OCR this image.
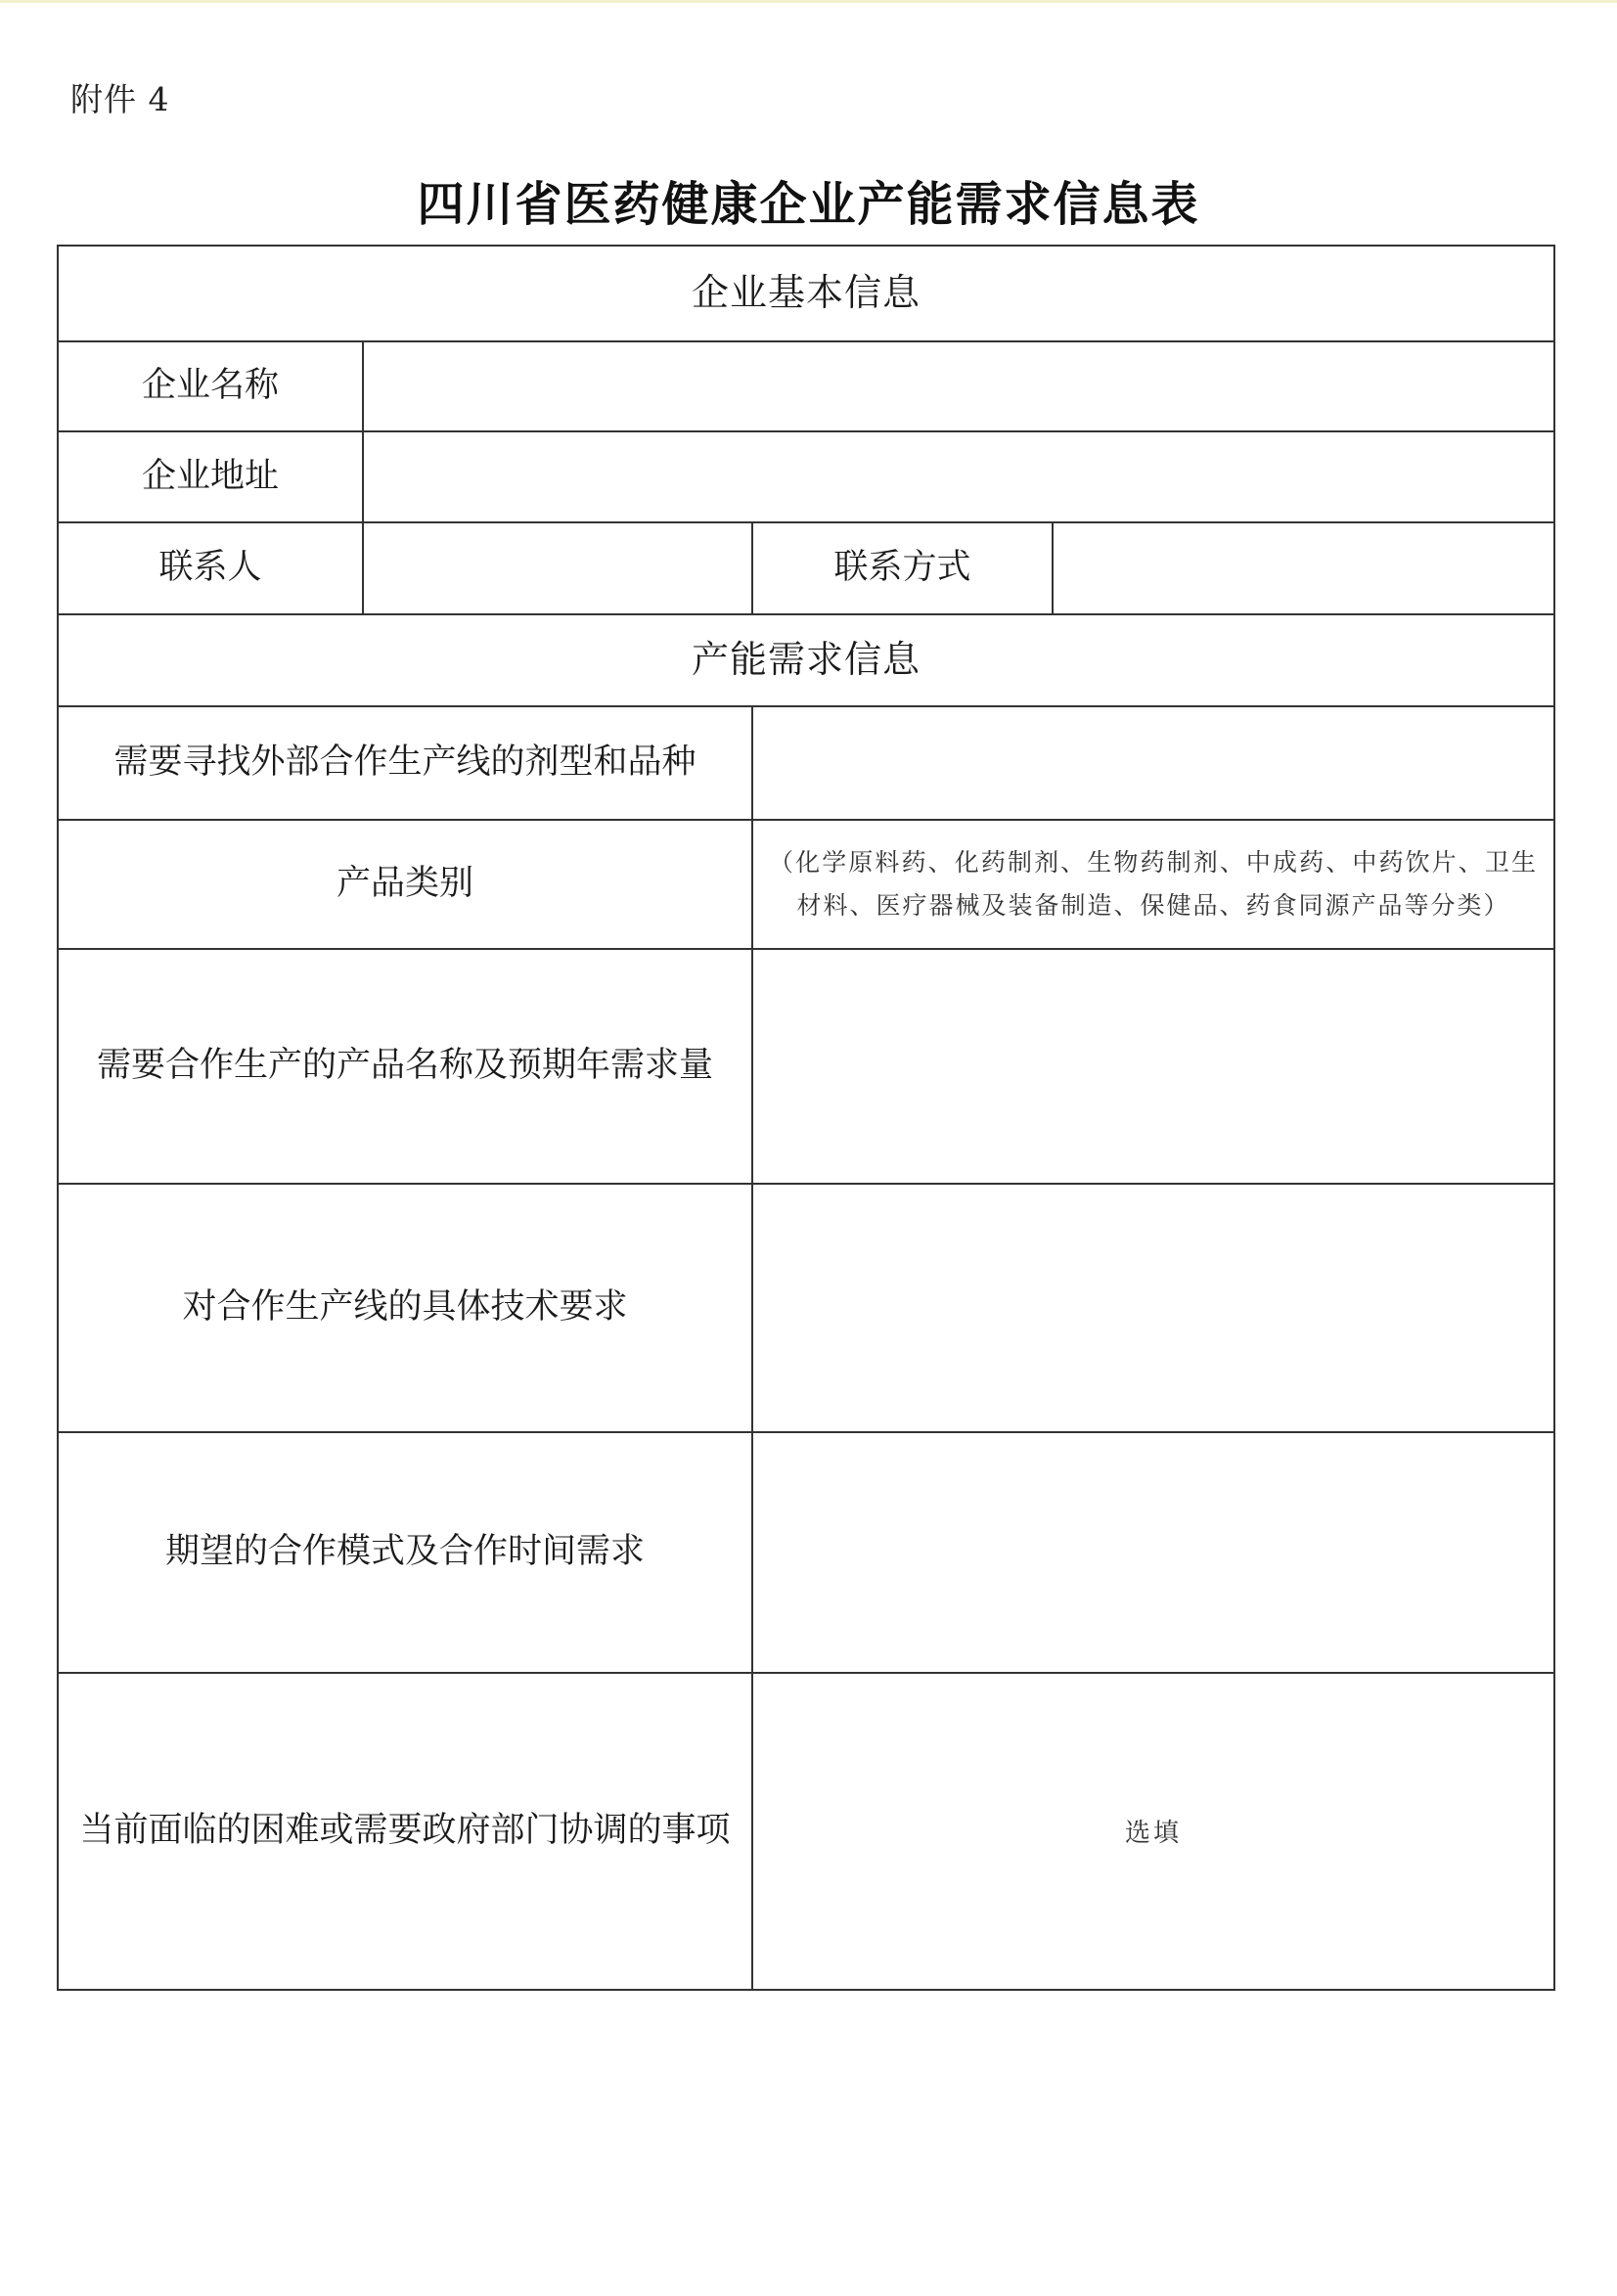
附件 4
四川省医药健康企业产能需求信息表
企业基本信息			
企业名称			
企业地址			
联系人		联系方式	
产能需求信息			
需要寻找外部合作生产线的剂型和品种			
产品类别		（化学原料药、化药制剂、生物药制剂、中成药、中药饮片、卫生材料、医疗器械及装备制造、保健品、药食同源产品等分类）	

需要合作生产的产品名称及预期年需求量			
对合作生产线的具体技术要求			
期望的合作模式及合作时间需求			
当前面临的困难或需要政府部门协调的事项		选填	
